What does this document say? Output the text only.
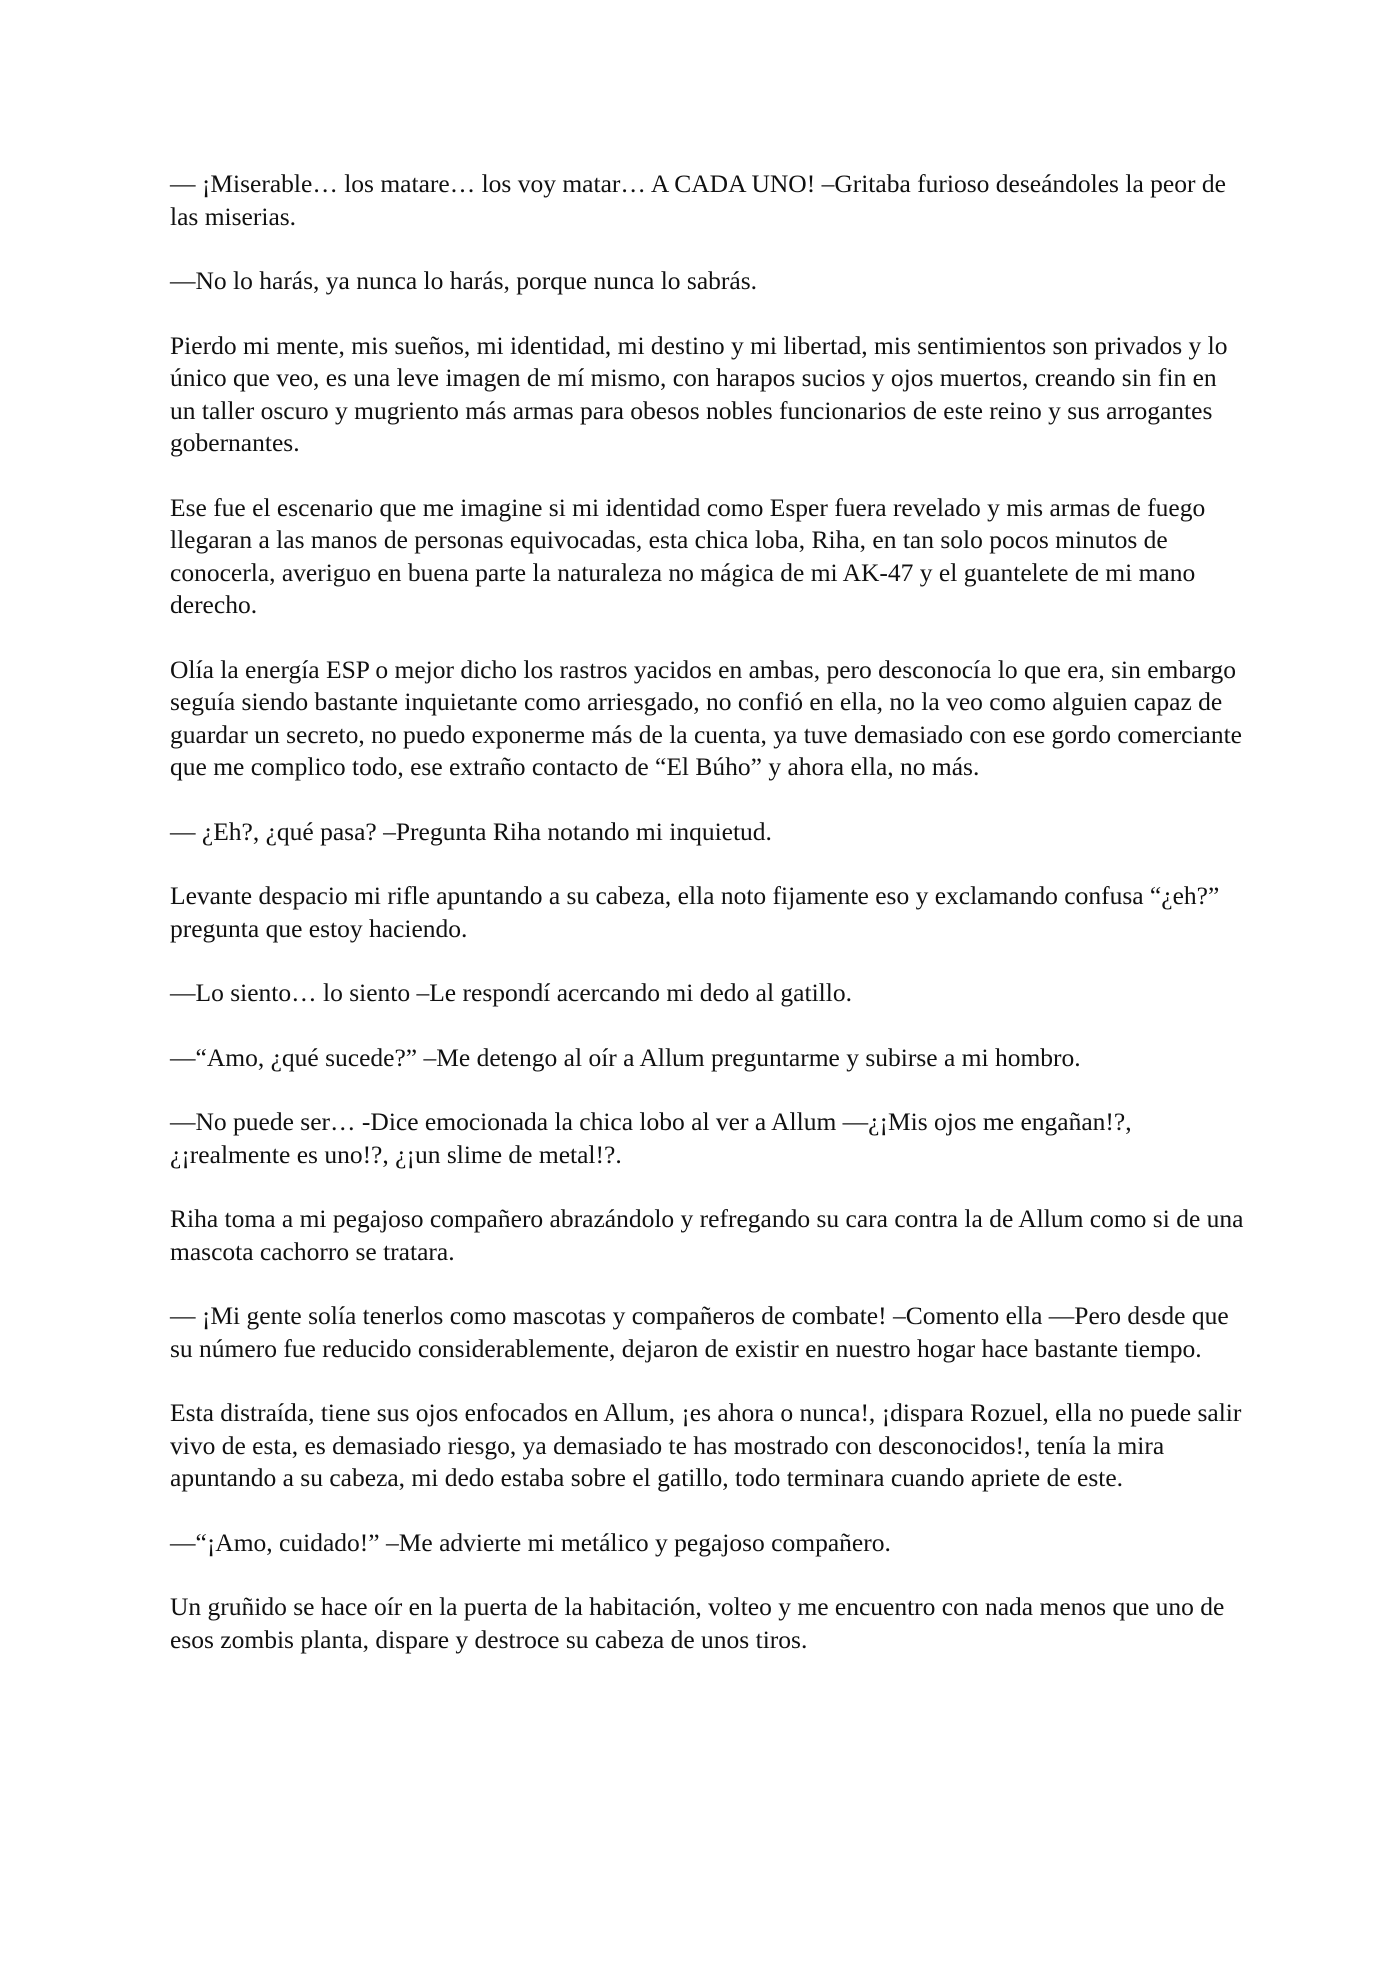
— ¡Miserable… los matare… los voy matar… A CADA UNO! –Gritaba furioso deseándoles la peor de las miserias.

—No lo harás, ya nunca lo harás, porque nunca lo sabrás.

Pierdo mi mente, mis sueños, mi identidad, mi destino y mi libertad, mis sentimientos son privados y lo único que veo, es una leve imagen de mí mismo, con harapos sucios y ojos muertos, creando sin fin en un taller oscuro y mugriento más armas para obesos nobles funcionarios de este reino y sus arrogantes gobernantes.

Ese fue el escenario que me imagine si mi identidad como Esper fuera revelado y mis armas de fuego llegaran a las manos de personas equivocadas, esta chica loba, Riha, en tan solo pocos minutos de conocerla, averiguo en buena parte la naturaleza no mágica de mi AK-47 y el guantelete de mi mano derecho.

Olía la energía ESP o mejor dicho los rastros yacidos en ambas, pero desconocía lo que era, sin embargo seguía siendo bastante inquietante como arriesgado, no confió en ella, no la veo como alguien capaz de guardar un secreto, no puedo exponerme más de la cuenta, ya tuve demasiado con ese gordo comerciante que me complico todo, ese extraño contacto de “El Búho” y ahora ella, no más.

— ¿Eh?, ¿qué pasa? –Pregunta Riha notando mi inquietud.

Levante despacio mi rifle apuntando a su cabeza, ella noto fijamente eso y exclamando confusa “¿eh?” pregunta que estoy haciendo.

—Lo siento… lo siento –Le respondí acercando mi dedo al gatillo.

—“Amo, ¿qué sucede?” –Me detengo al oír a Allum preguntarme y subirse a mi hombro.

—No puede ser… -Dice emocionada la chica lobo al ver a Allum —¿¡Mis ojos me engañan!?, ¿¡realmente es uno!?, ¿¡un slime de metal!?.

Riha toma a mi pegajoso compañero abrazándolo y refregando su cara contra la de Allum como si de una mascota cachorro se tratara.

— ¡Mi gente solía tenerlos como mascotas y compañeros de combate! –Comento ella —Pero desde que su número fue reducido considerablemente, dejaron de existir en nuestro hogar hace bastante tiempo.

Esta distraída, tiene sus ojos enfocados en Allum, ¡es ahora o nunca!, ¡dispara Rozuel, ella no puede salir vivo de esta, es demasiado riesgo, ya demasiado te has mostrado con desconocidos!, tenía la mira apuntando a su cabeza, mi dedo estaba sobre el gatillo, todo terminara cuando apriete de este.

—“¡Amo, cuidado!” –Me advierte mi metálico y pegajoso compañero.

Un gruñido se hace oír en la puerta de la habitación, volteo y me encuentro con nada menos que uno de esos zombis planta, dispare y destroce su cabeza de unos tiros.
